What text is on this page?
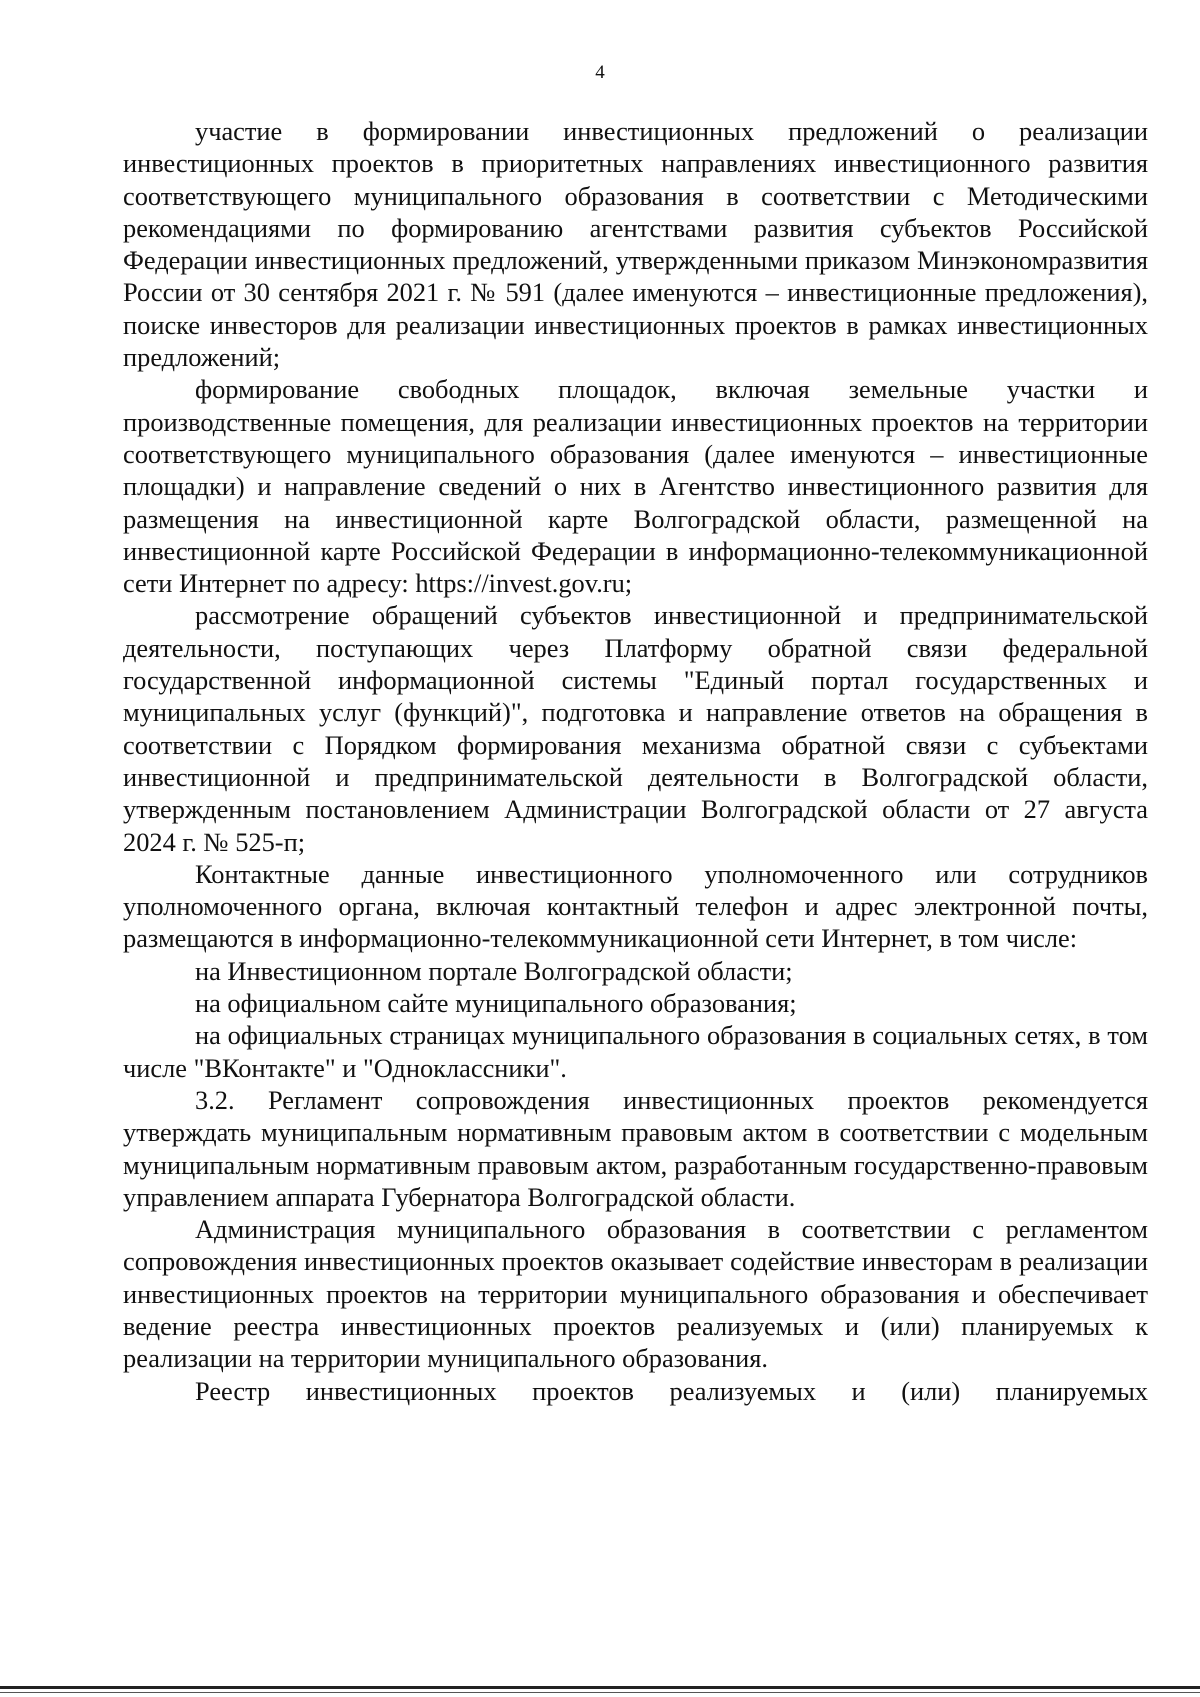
4

участие в формировании инвестиционных предложений о реализации инвестиционных проектов в приоритетных направлениях инвестиционного развития соответствующего муниципального образования в соответствии с Методическими рекомендациями по формированию агентствами развития субъектов Российской Федерации инвестиционных предложений, утвержденными приказом Минэкономразвития России от 30 сентября 2021 г. № 591 (далее именуются – инвестиционные предложения), поиске инвесторов для реализации инвестиционных проектов в рамках инвестиционных предложений;

формирование свободных площадок, включая земельные участки и производственные помещения, для реализации инвестиционных проектов на территории соответствующего муниципального образования (далее именуются – инвестиционные площадки) и направление сведений о них в Агентство инвестиционного развития для размещения на инвестиционной карте Волгоградской области, размещенной на инвестиционной карте Российской Федерации в информационно-телекоммуникационной сети Интернет по адресу: https://invest.gov.ru;

рассмотрение обращений субъектов инвестиционной и предпринимательской деятельности, поступающих через Платформу обратной связи федеральной государственной информационной системы "Единый портал государственных и муниципальных услуг (функций)", подготовка и направление ответов на обращения в соответствии с Порядком формирования механизма обратной связи с субъектами инвестиционной и предпринимательской деятельности в Волгоградской области, утвержденным постановлением Администрации Волгоградской области от 27 августа 2024 г. № 525-п;

Контактные данные инвестиционного уполномоченного или сотрудников уполномоченного органа, включая контактный телефон и адрес электронной почты, размещаются в информационно-телекоммуникационной сети Интернет, в том числе:

на Инвестиционном портале Волгоградской области;

на официальном сайте муниципального образования;

на официальных страницах муниципального образования в социальных сетях, в том числе "ВКонтакте" и "Одноклассники".

3.2. Регламент сопровождения инвестиционных проектов рекомендуется утверждать муниципальным нормативным правовым актом в соответствии с модельным муниципальным нормативным правовым актом, разработанным государственно-правовым управлением аппарата Губернатора Волгоградской области.

Администрация муниципального образования в соответствии с регламентом сопровождения инвестиционных проектов оказывает содействие инвесторам в реализации инвестиционных проектов на территории муниципального образования и обеспечивает ведение реестра инвестиционных проектов реализуемых и (или) планируемых к реализации на территории муниципального образования.

Реестр инвестиционных проектов реализуемых и (или) планируемых
